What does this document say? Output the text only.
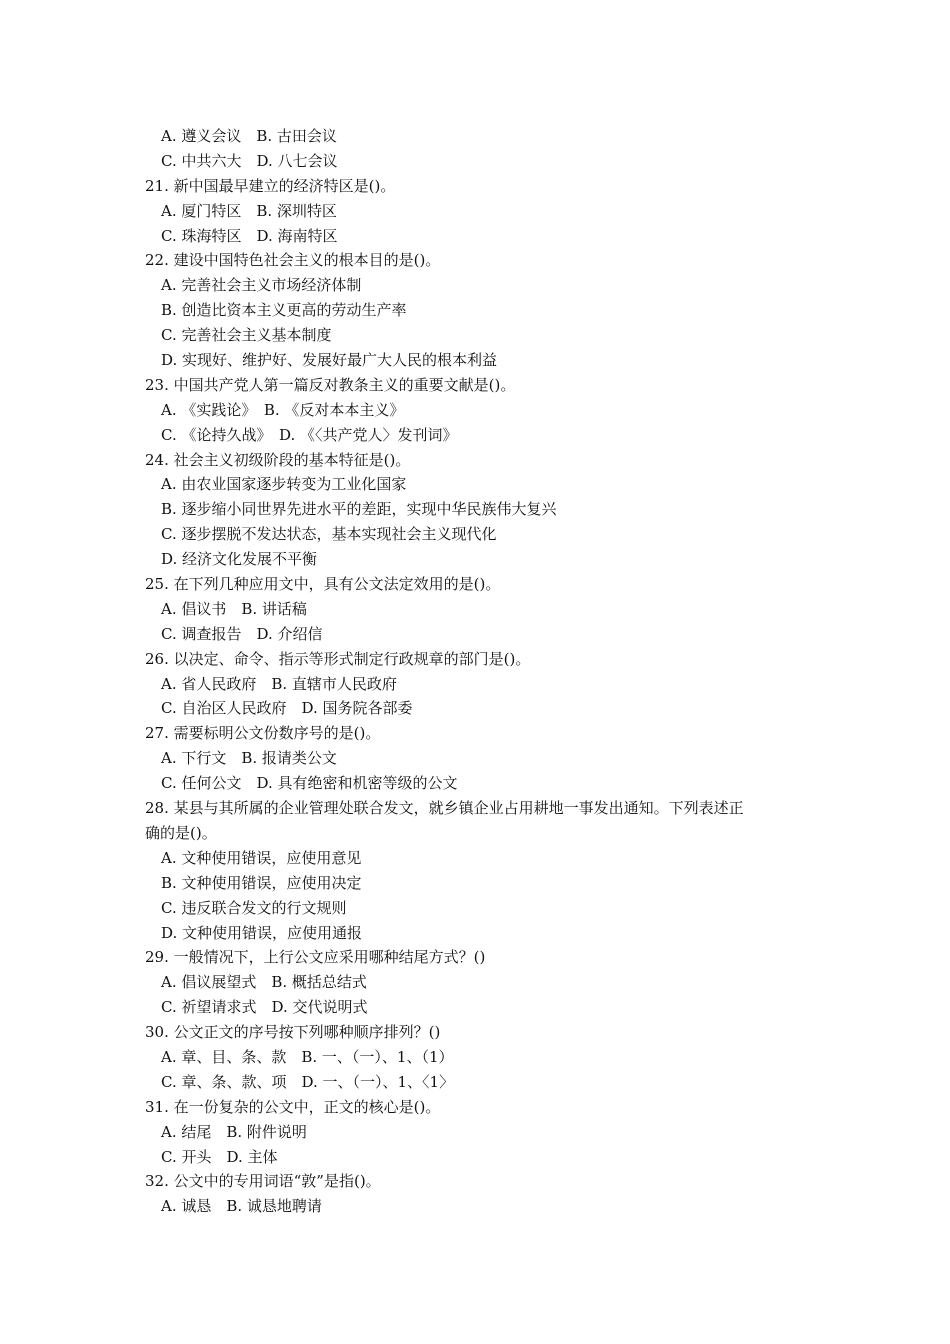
A. 遵义会议　B. 古田会议
C. 中共六大　D. 八七会议
21. 新中国最早建立的经济特区是()。
A. 厦门特区　B. 深圳特区
C. 珠海特区　D. 海南特区
22. 建设中国特色社会主义的根本目的是()。
A. 完善社会主义市场经济体制
B. 创造比资本主义更高的劳动生产率
C. 完善社会主义基本制度
D. 实现好、维护好、发展好最广大人民的根本利益
23. 中国共产党人第一篇反对教条主义的重要文献是()。
A. 《实践论》　B. 《反对本本主义》
C. 《论持久战》　D. 《〈共产党人〉发刊词》
24. 社会主义初级阶段的基本特征是()。
A. 由农业国家逐步转变为工业化国家
B. 逐步缩小同世界先进水平的差距，实现中华民族伟大复兴
C. 逐步摆脱不发达状态，基本实现社会主义现代化
D. 经济文化发展不平衡
25. 在下列几种应用文中，具有公文法定效用的是()。
A. 倡议书　B. 讲话稿
C. 调查报告　D. 介绍信
26. 以决定、命令、指示等形式制定行政规章的部门是()。
A. 省人民政府　B. 直辖市人民政府
C. 自治区人民政府　D. 国务院各部委
27. 需要标明公文份数序号的是()。
A. 下行文　B. 报请类公文
C. 任何公文　D. 具有绝密和机密等级的公文
28. 某县与其所属的企业管理处联合发文，就乡镇企业占用耕地一事发出通知。下列表述正
确的是()。
A. 文种使用错误，应使用意见
B. 文种使用错误，应使用决定
C. 违反联合发文的行文规则
D. 文种使用错误，应使用通报
29. 一般情况下，上行公文应采用哪种结尾方式？()
A. 倡议展望式　B. 概括总结式
C. 祈望请求式　D. 交代说明式
30. 公文正文的序号按下列哪种顺序排列？()
A. 章、目、条、款　B. 一、（一）、1、（1）
C. 章、条、款、项　D. 一、（一）、1、〈1〉
31. 在一份复杂的公文中，正文的核心是()。
A. 结尾　B. 附件说明
C. 开头　D. 主体
32. 公文中的专用词语“敦”是指()。
A. 诚恳　B. 诚恳地聘请
